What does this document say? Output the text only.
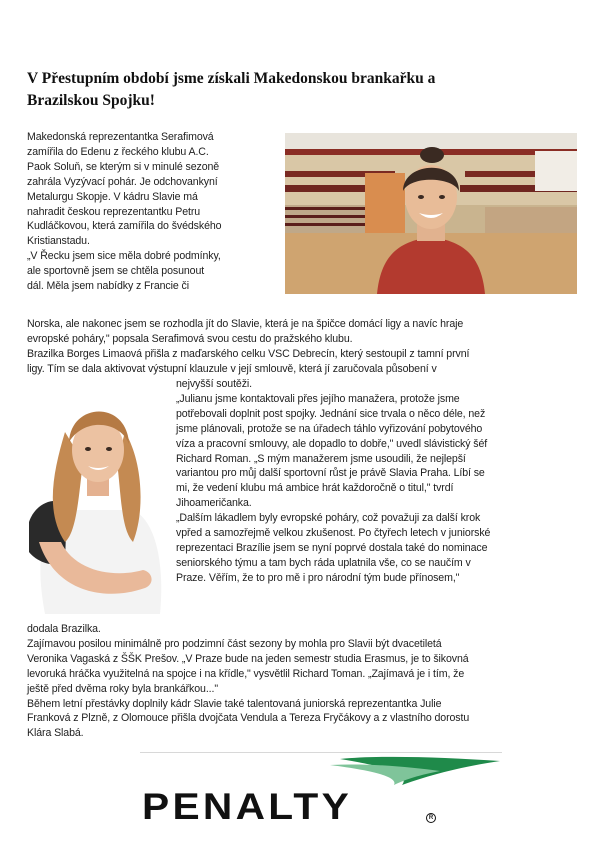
V Přestupním období jsme získali Makedonskou brankařku a
Brazilskou Spojku!
Makedonská reprezentantka Serafimová
zamířila do Edenu z řeckého klubu A.C.
Paok Soluň, se kterým si v minulé sezoně
zahrála Vyzývací pohár. Je odchovankyní
Metalurgu Skopje. V kádru Slavie má
nahradit českou reprezentantku Petru
Kudláčkovou, která zamířila do švédského
Kristianstadu.
„V Řecku jsem sice měla dobré podmínky,
ale sportovně jsem se chtěla posunout
dál. Měla jsem nabídky z Francie či
Norska, ale nakonec jsem se rozhodla jít do Slavie, která je na špičce domácí ligy a navíc hraje
evropské poháry," popsala Serafimová svou cestu do pražského klubu.
Brazilka Borges Limaová přišla z maďarského celku VSC Debrecín, který sestoupil z tamní první
ligy. Tím se dala aktivovat výstupní klauzule v její smlouvě, která jí zaručovala působení v
nejvyšší soutěži.
„Julianu jsme kontaktovali přes jejího manažera, protože jsme
potřebovali doplnit post spojky. Jednání sice trvala o něco déle, než
jsme plánovali, protože se na úřadech táhlo vyřizování pobytového
víza a pracovní smlouvy, ale dopadlo to dobře," uvedl slávistický šéf
Richard Roman. „S mým manažerem jsme usoudili, že nejlepší
variantou pro můj další sportovní růst je právě Slavia Praha. Líbí se
mi, že vedení klubu má ambice hrát každoročně o titul," tvrdí
Jihoameričanka.
„Dalším lákadlem byly evropské poháry, což považuji za další krok
vpřed a samozřejmě velkou zkušenost. Po čtyřech letech v juniorské
reprezentaci Brazílie jsem se nyní poprvé dostala také do nominace
seniorského týmu a tam bych ráda uplatnila vše, co se naučím v
Praze. Věřím, že to pro mě i pro národní tým bude přínosem,"
dodala Brazilka.
Zajímavou posilou minimálně pro podzimní část sezony by mohla pro Slavii být dvacetiletá
Veronika Vagaská z ŠŠK Prešov. „V Praze bude na jeden semestr studia Erasmus, je to šikovná
levoruká hráčka využitelná na spojce i na křídle," vysvětlil Richard Toman. „Zajímavá je i tím, že
ještě před dvěma roky byla brankářkou..."
Během letní přestávky doplnily kádr Slavie také talentovaná juniorská reprezentantka Julie
Franková z Plzně, z Olomouce přišla dvojčata Vendula a Tereza Fryčákovy a z vlastního dorostu
Klára Slabá.
PENALTY	R
